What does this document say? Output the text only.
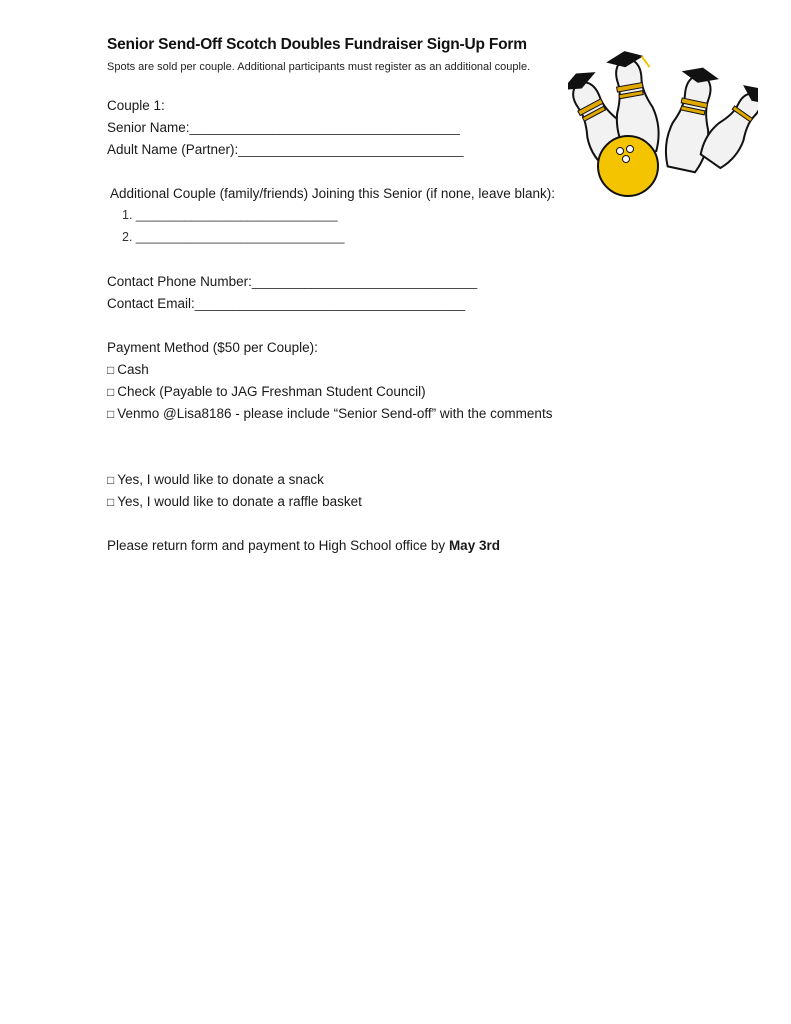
Senior Send-Off Scotch Doubles Fundraiser Sign-Up Form
Spots are sold per couple. Additional participants must register as an additional couple.
Couple 1:
Senior Name:____________________________________
Adult Name (Partner):______________________________
Additional Couple (family/friends) Joining this Senior (if none, leave blank):
1. _____________________________
2. ______________________________
Contact Phone Number:______________________________
Contact Email:____________________________________
Payment Method ($50 per Couple):
□ Cash
□ Check (Payable to JAG Freshman Student Council)
□ Venmo @Lisa8186 - please include “Senior Send-off” with the comments
□ Yes, I would like to donate a snack
□ Yes, I would like to donate a raffle basket
Please return form and payment to High School office by May 3rd
